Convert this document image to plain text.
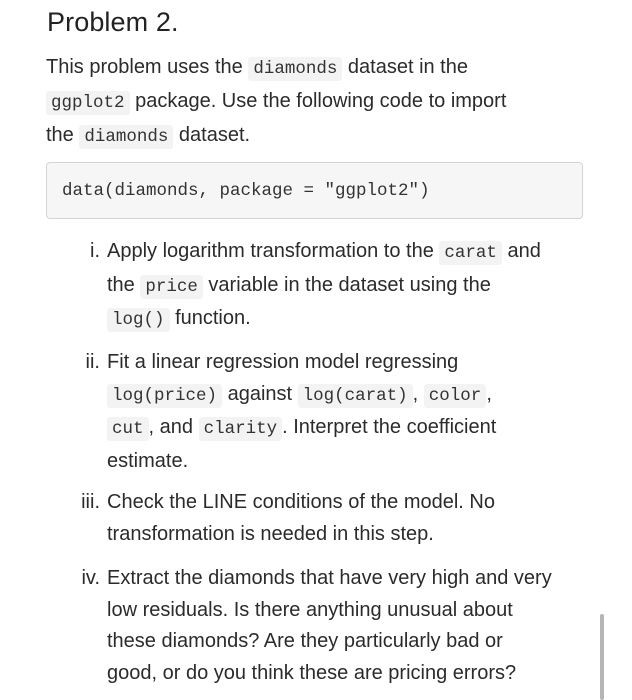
Problem 2.
This problem uses the diamonds dataset in the
ggplot2 package. Use the following code to import
the diamonds dataset.
data(diamonds, package = "ggplot2")
i. Apply logarithm transformation to the carat and
the price variable in the dataset using the
log() function.
ii. Fit a linear regression model regressing
log(price) against log(carat) , color ,
cut , and clarity . Interpret the coefficient
estimate.
iii. Check the LINE conditions of the model. No
transformation is needed in this step.
iv. Extract the diamonds that have very high and very
low residuals. Is there anything unusual about
these diamonds? Are they particularly bad or
good, or do you think these are pricing errors?
